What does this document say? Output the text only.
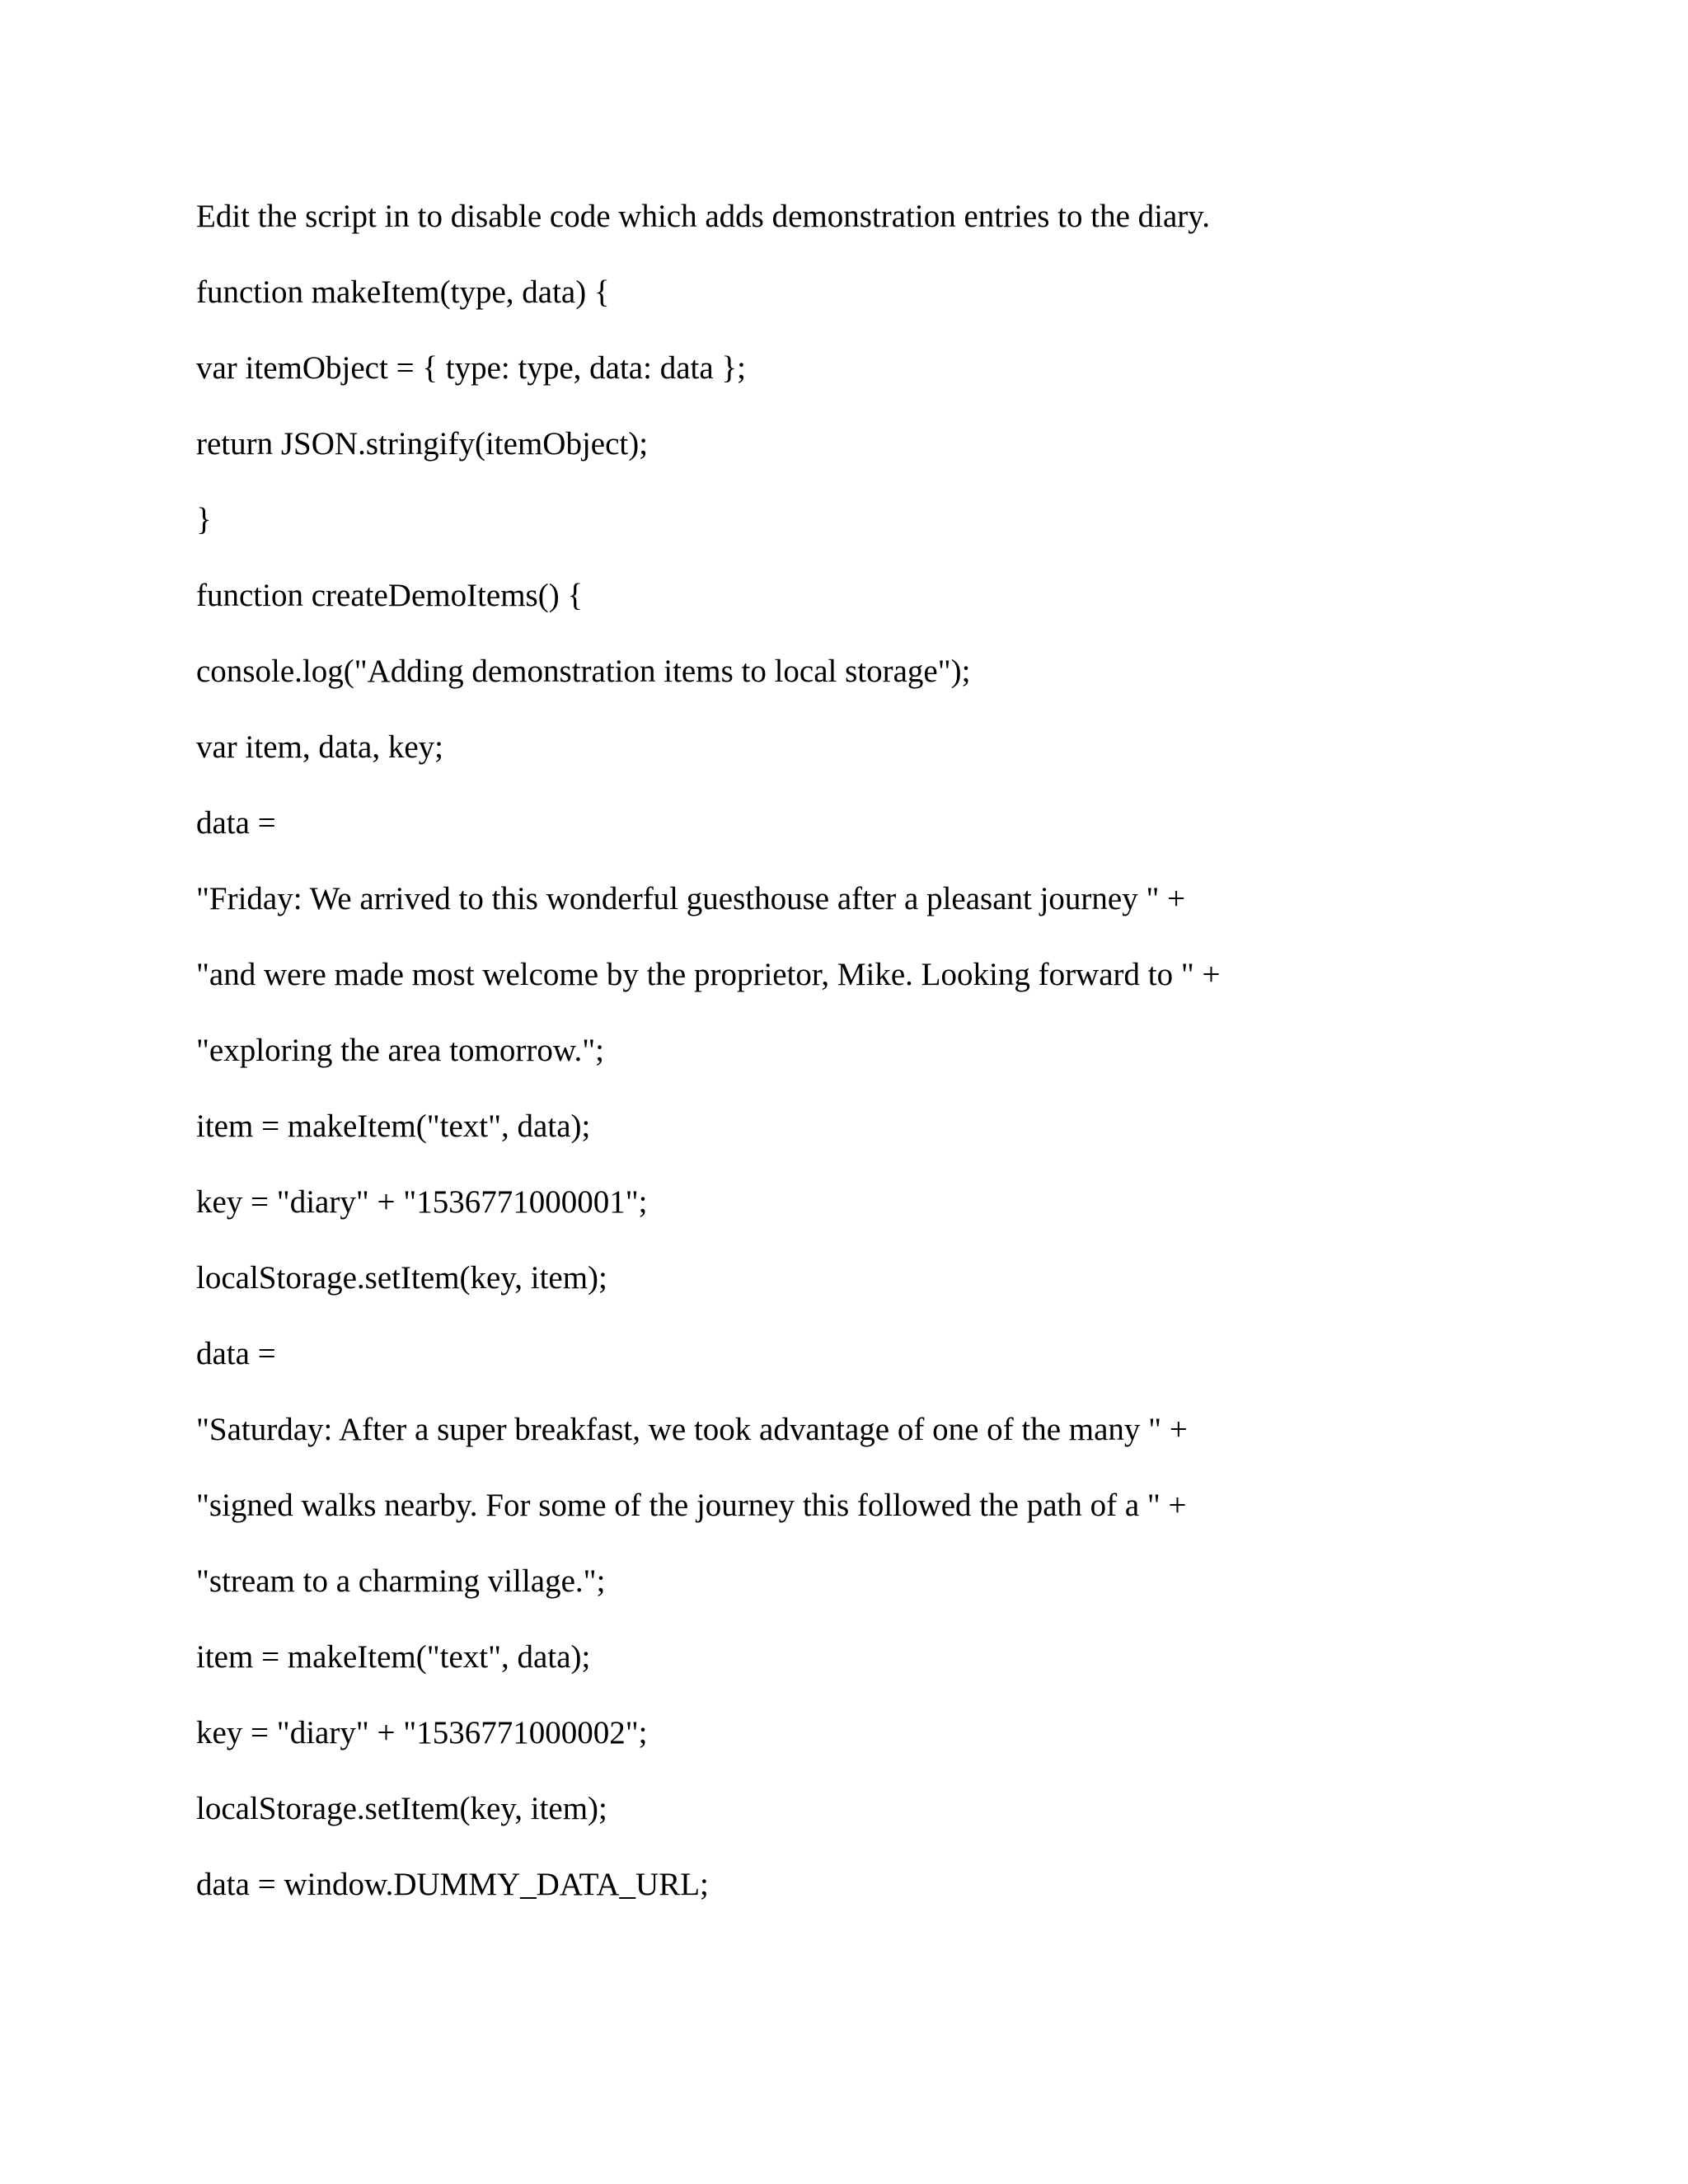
Edit the script in to disable code which adds demonstration entries to the diary.
function makeItem(type, data) {
var itemObject = { type: type, data: data };
return JSON.stringify(itemObject);
}
function createDemoItems() {
console.log("Adding demonstration items to local storage");
var item, data, key;
data =
"Friday: We arrived to this wonderful guesthouse after a pleasant journey " +
"and were made most welcome by the proprietor, Mike. Looking forward to " +
"exploring the area tomorrow.";
item = makeItem("text", data);
key = "diary" + "1536771000001";
localStorage.setItem(key, item);
data =
"Saturday: After a super breakfast, we took advantage of one of the many " +
"signed walks nearby. For some of the journey this followed the path of a " +
"stream to a charming village.";
item = makeItem("text", data);
key = "diary" + "1536771000002";
localStorage.setItem(key, item);
data = window.DUMMY_DATA_URL;
